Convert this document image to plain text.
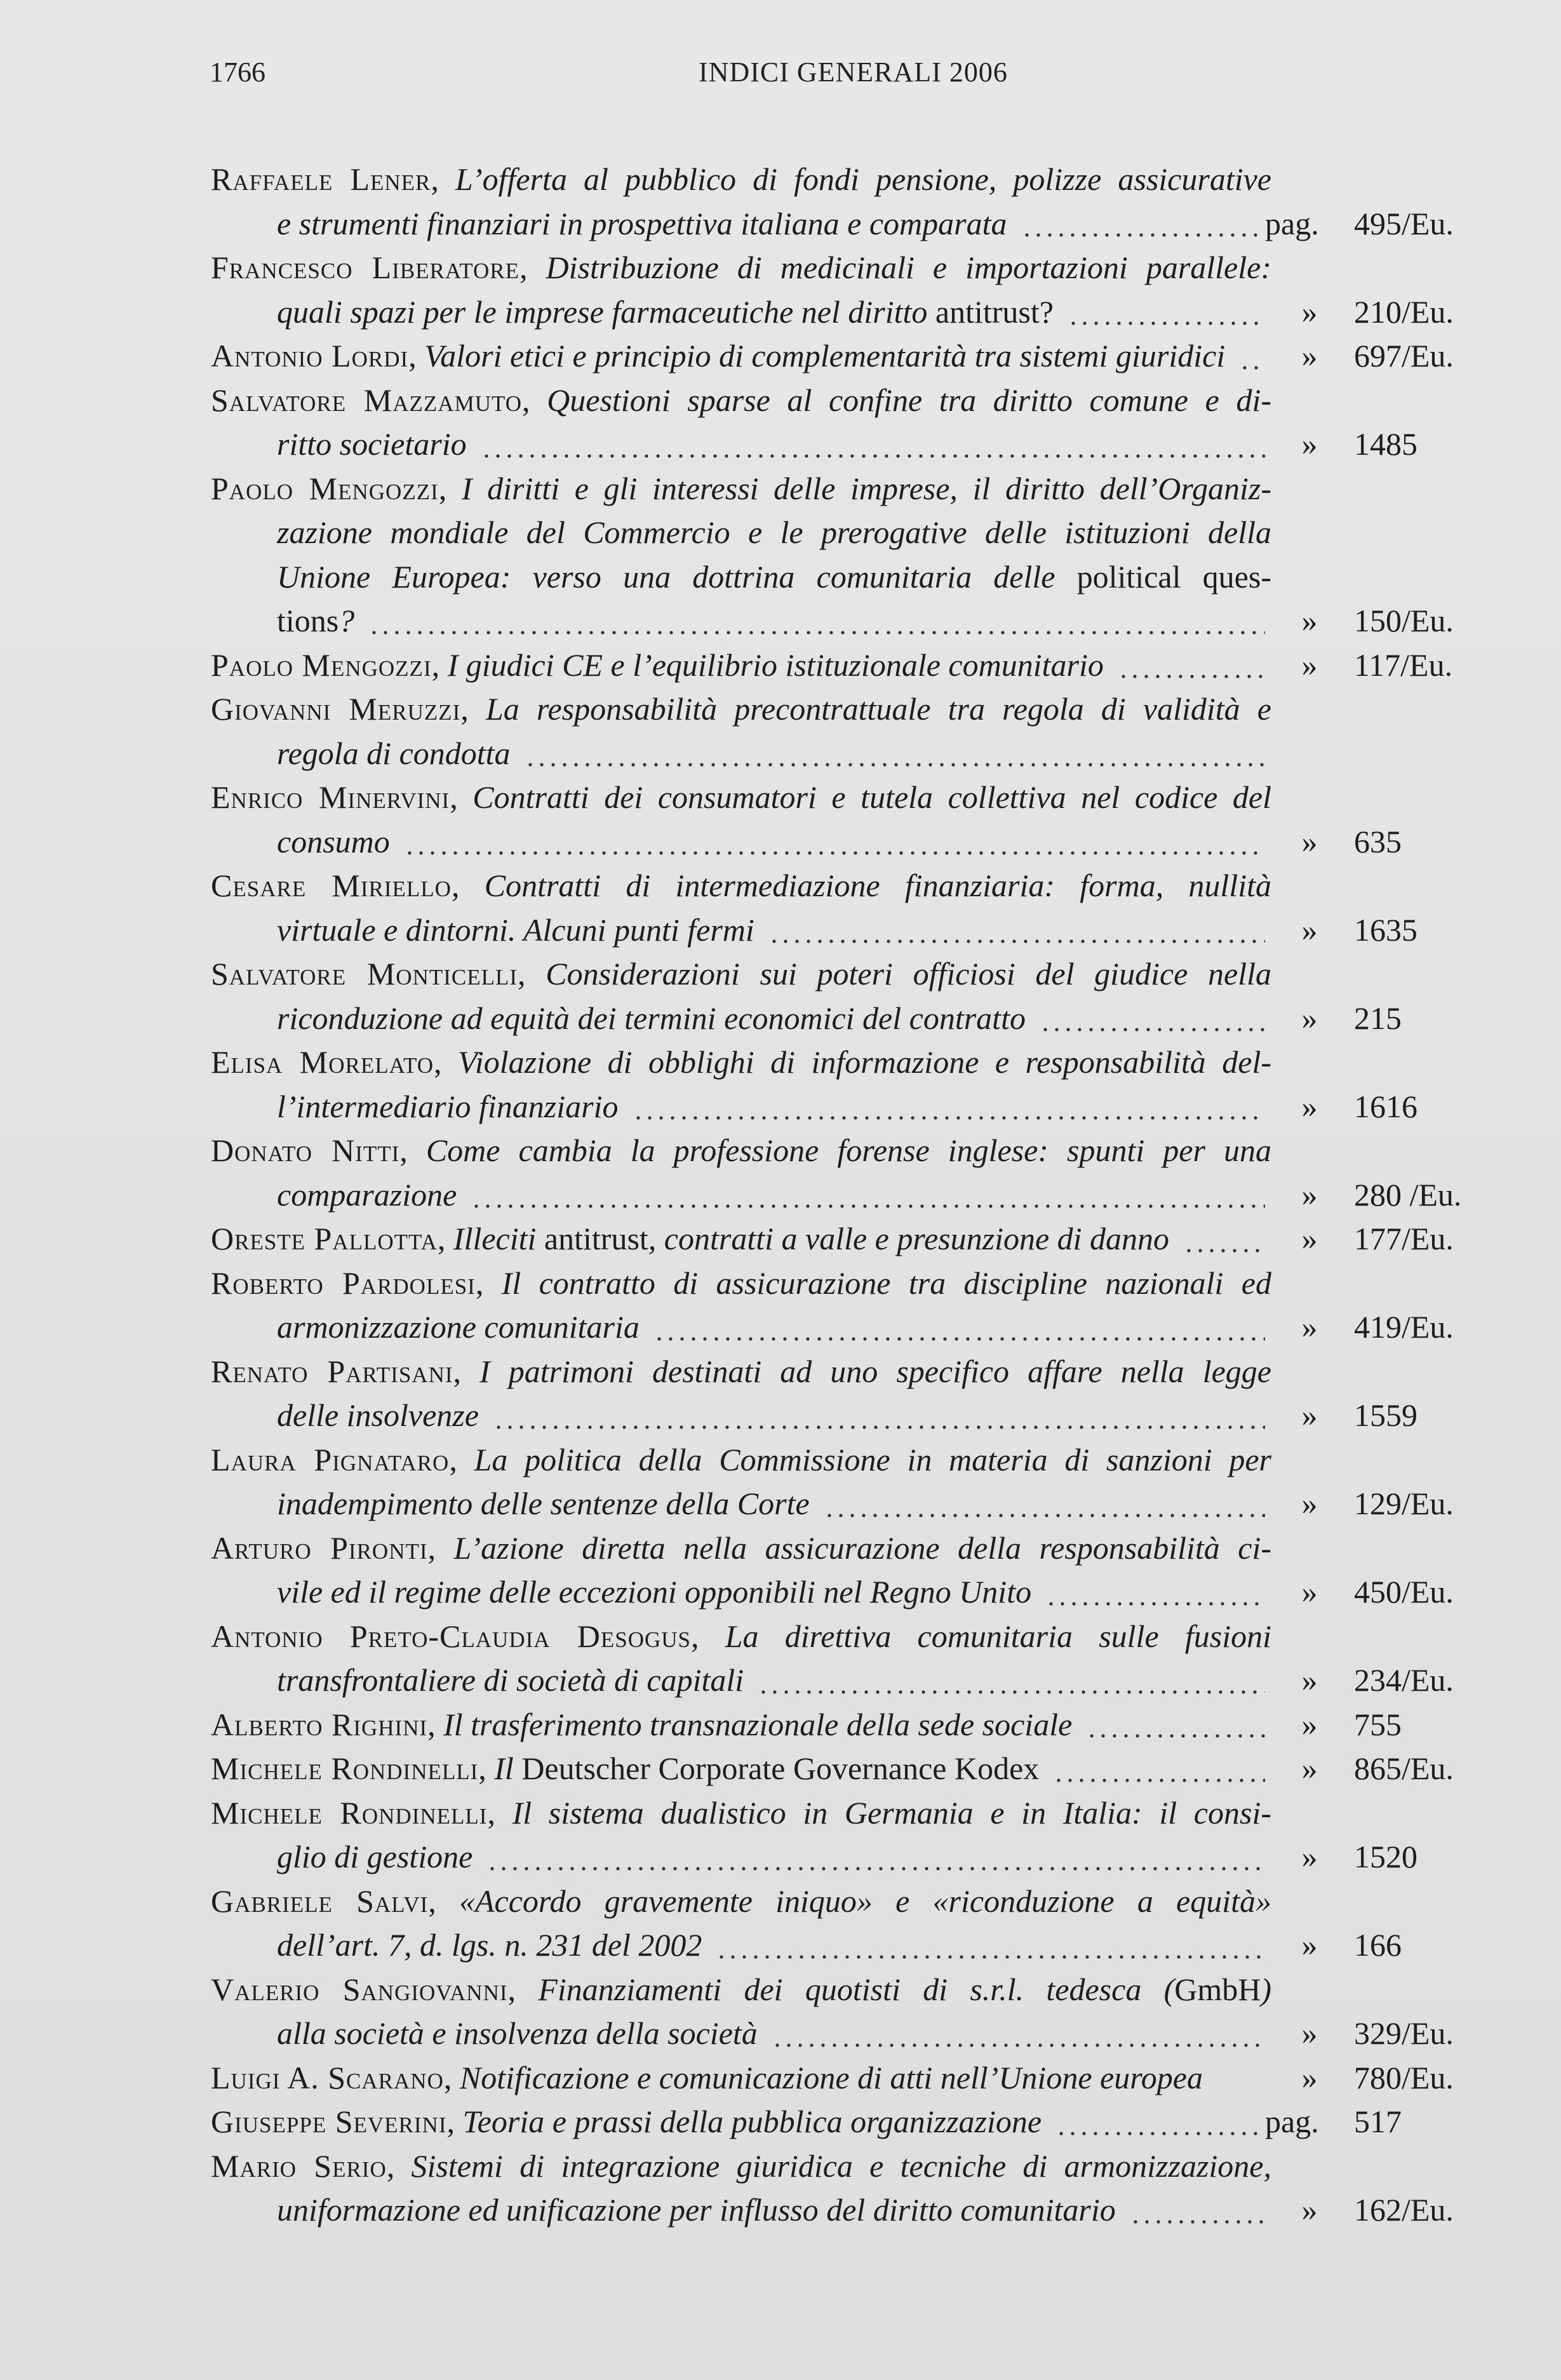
1766	INDICI GENERALI 2006
Raffaele Lener, L’offerta al pubblico di fondi pensione, polizze assicurative
e strumenti finanziari in prospettiva italiana e comparata	pag.	495/Eu.
Francesco Liberatore, Distribuzione di medicinali e importazioni parallele:
quali spazi per le imprese farmaceutiche nel diritto antitrust?	»	210/Eu.
Antonio Lordi, Valori etici e principio di complementarità tra sistemi giuridici	»	697/Eu.
Salvatore Mazzamuto, Questioni sparse al confine tra diritto comune e di-
ritto societario	»	1485
Paolo Mengozzi, I diritti e gli interessi delle imprese, il diritto dell’Organiz-
zazione mondiale del Commercio e le prerogative delle istituzioni della
Unione Europea: verso una dottrina comunitaria delle political ques-
tions?	»	150/Eu.
Paolo Mengozzi, I giudici CE e l’equilibrio istituzionale comunitario	»	117/Eu.
Giovanni Meruzzi, La responsabilità precontrattuale tra regola di validità e
regola di condotta
Enrico Minervini, Contratti dei consumatori e tutela collettiva nel codice del
consumo	»	635
Cesare Miriello, Contratti di intermediazione finanziaria: forma, nullità
virtuale e dintorni. Alcuni punti fermi	»	1635
Salvatore Monticelli, Considerazioni sui poteri officiosi del giudice nella
riconduzione ad equità dei termini economici del contratto	»	215
Elisa Morelato, Violazione di obblighi di informazione e responsabilità del-
l’intermediario finanziario	»	1616
Donato Nitti, Come cambia la professione forense inglese: spunti per una
comparazione	»	280 /Eu.
Oreste Pallotta, Illeciti antitrust, contratti a valle e presunzione di danno	»	177/Eu.
Roberto Pardolesi, Il contratto di assicurazione tra discipline nazionali ed
armonizzazione comunitaria	»	419/Eu.
Renato Partisani, I patrimoni destinati ad uno specifico affare nella legge
delle insolvenze	»	1559
Laura Pignataro, La politica della Commissione in materia di sanzioni per
inadempimento delle sentenze della Corte	»	129/Eu.
Arturo Pironti, L’azione diretta nella assicurazione della responsabilità ci-
vile ed il regime delle eccezioni opponibili nel Regno Unito	»	450/Eu.
Antonio Preto-Claudia Desogus, La direttiva comunitaria sulle fusioni
transfrontaliere di società di capitali	»	234/Eu.
Alberto Righini, Il trasferimento transnazionale della sede sociale	»	755
Michele Rondinelli, Il Deutscher Corporate Governance Kodex	»	865/Eu.
Michele Rondinelli, Il sistema dualistico in Germania e in Italia: il consi-
glio di gestione	»	1520
Gabriele Salvi, «Accordo gravemente iniquo» e «riconduzione a equità»
dell’art. 7, d. lgs. n. 231 del 2002	»	166
Valerio Sangiovanni, Finanziamenti dei quotisti di s.r.l. tedesca (GmbH)
alla società e insolvenza della società	»	329/Eu.
Luigi A. Scarano, Notificazione e comunicazione di atti nell’Unione europea	»	780/Eu.
Giuseppe Severini, Teoria e prassi della pubblica organizzazione	pag.	517
Mario Serio, Sistemi di integrazione giuridica e tecniche di armonizzazione,
uniformazione ed unificazione per influsso del diritto comunitario	»	162/Eu.
